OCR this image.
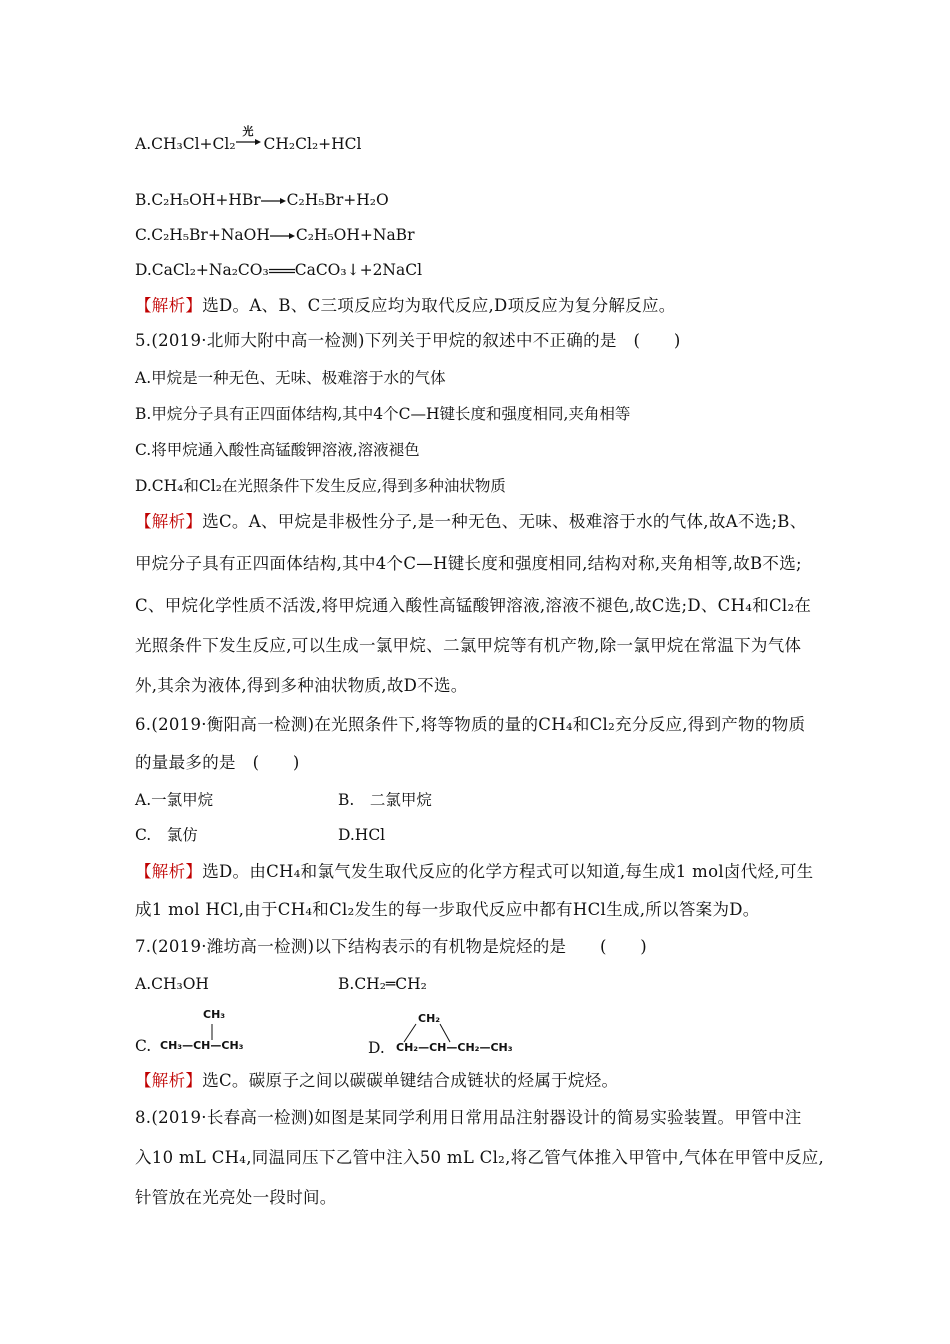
A.CH₃Cl+Cl₂
光
CH₂Cl₂+HCl
B.C₂H₅OH+HBr→C₂H₅Br+H₂O
C.C₂H₅Br+NaOH→C₂H₅OH+NaBr
D.CaCl₂+Na₂CO₃ CaCO₃↓+2NaCl
【解析】选D。A、B、C三项反应均为取代反应,D项反应为复分解反应。
5.(2019·北师大附中高一检测)下列关于甲烷的叙述中不正确的是　(　　)
A.甲烷是一种无色、无味、极难溶于水的气体
B.甲烷分子具有正四面体结构,其中4个C—H键长度和强度相同,夹角相等
C.将甲烷通入酸性高锰酸钾溶液,溶液褪色
D.CH₄和Cl₂在光照条件下发生反应,得到多种油状物质
【解析】选C。A、甲烷是非极性分子,是一种无色、无味、极难溶于水的气体,故A不选;B、
甲烷分子具有正四面体结构,其中4个C—H键长度和强度相同,结构对称,夹角相等,故B不选;
C、甲烷化学性质不活泼,将甲烷通入酸性高锰酸钾溶液,溶液不褪色,故C选;D、CH₄和Cl₂在
光照条件下发生反应,可以生成一氯甲烷、二氯甲烷等有机产物,除一氯甲烷在常温下为气体
外,其余为液体,得到多种油状物质,故D不选。
6.(2019·衡阳高一检测)在光照条件下,将等物质的量的CH₄和Cl₂充分反应,得到产物的物质
的量最多的是　(　　)
A.一氯甲烷	B.　二氯甲烷
C.　氯仿	D.HCl
【解析】选D。由CH₄和氯气发生取代反应的化学方程式可以知道,每生成1 mol卤代烃,可生
成1 mol HCl,由于CH₄和Cl₂发生的每一步取代反应中都有HCl生成,所以答案为D。
7.(2019·潍坊高一检测)以下结构表示的有机物是烷烃的是　　(　　)
A.CH₃OH	B.CH₂═CH₂
C.
CH₃
CH₃—CH—CH₃	D.
CH₂
CH₂—CH—CH₂—CH₃
【解析】选C。碳原子之间以碳碳单键结合成链状的烃属于烷烃。
8.(2019·长春高一检测)如图是某同学利用日常用品注射器设计的简易实验装置。甲管中注
入10 mL CH₄,同温同压下乙管中注入50 mL Cl₂,将乙管气体推入甲管中,气体在甲管中反应,
针管放在光亮处一段时间。
